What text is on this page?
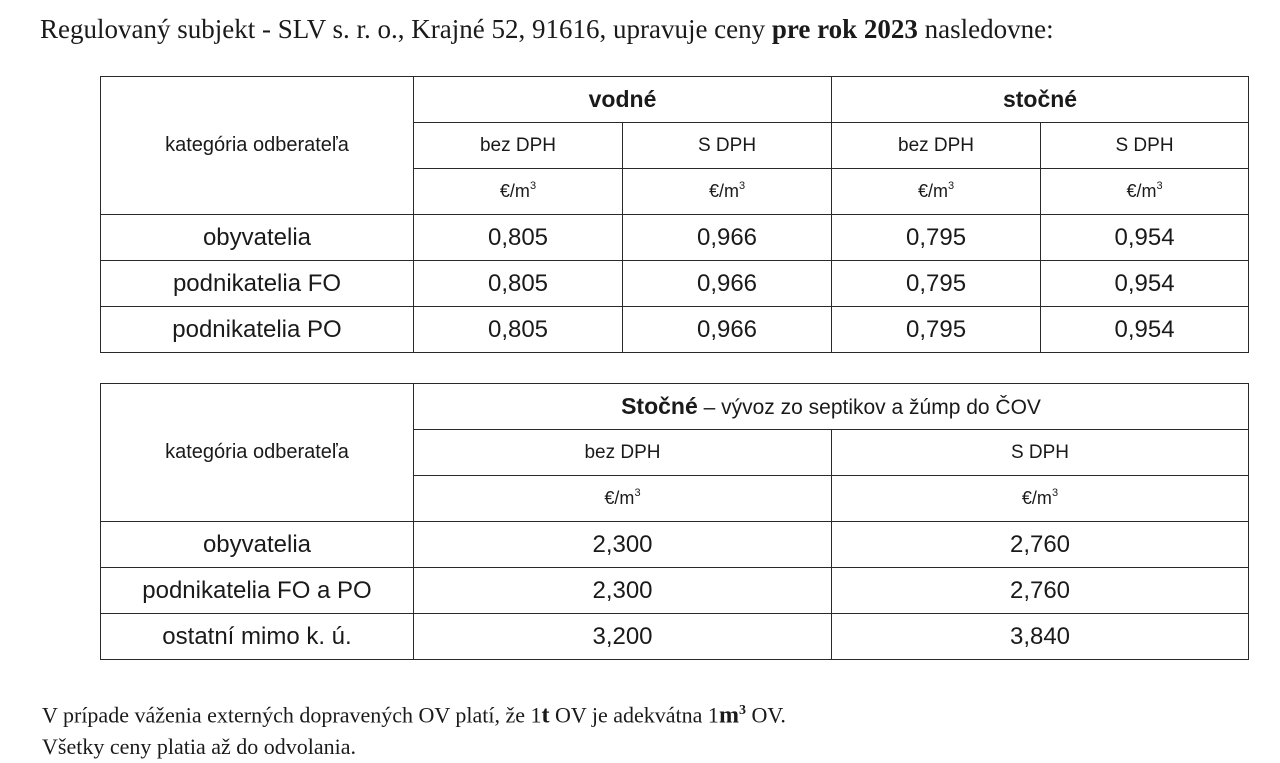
Regulovaný subjekt - SLV s. r. o., Krajné 52, 91616, upravuje ceny pre rok 2023 nasledovne:
kategória odberateľa	vodné		stočné	
	bez DPH	S DPH	bez DPH	S DPH
	$€/m^3$	$€/m^3$	$€/m^3$	$€/m^3$
obyvatelia	0,805	0,966	0,795	0,954
podnikatelia FO	0,805	0,966	0,795	0,954
podnikatelia PO	0,805	0,966	0,795	0,954
kategória odberateľa	Stočné – vývoz zo septikov a žúmp do ČOV	
	bez DPH	S DPH
	$€/m^3$	$€/m^3$
obyvatelia	2,300	2,760
podnikatelia FO a PO	2,300	2,760
ostatní mimo k. ú.	3,200	3,840
V prípade váženia externých dopravených OV platí, že 1t OV je adekvátna $1m^3$ OV.
Všetky ceny platia až do odvolania.
